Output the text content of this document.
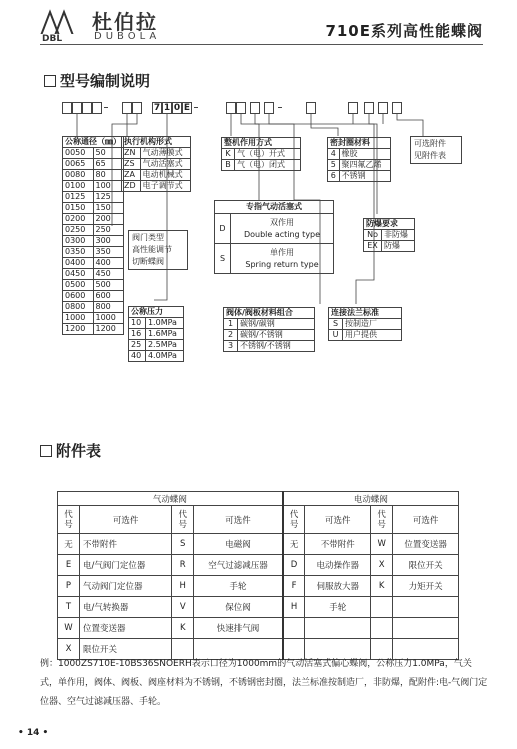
DBL
杜伯拉
DUBOLA	710E系列高性能蝶阀
型号编制说明
7 1 0 E
公称通径（㎜）	
0050	50
0065	65
0080	80
0100	100
0125	125
0150	150
0200	200
0250	250
0300	300
0350	350
0400	400
0450	450
0500	500
0600	600
0800	800
1000	1000
1200	1200
执行机构形式	
ZN	气动薄膜式
ZS	气动活塞式
ZA	电动机械式
ZD	电子调节式
阀门类型
高性能调节
切断蝶阀
公称压力	
10	1.0MPa
16	1.6MPa
25	2.5MPa
40	4.0MPa
整机作用方式	
K	气（电）开式
B	气（电）闭式
专指气动活塞式	
D	双作用
Double acting type

S	单作用
Spring return type
密封圈材料	
4	橡胶
5	聚四氟乙烯
6	不锈钢
可选附件
见附件表
防爆要求	
No	非防爆
EX	防爆
阀体/阀板材料组合	
1	碳钢/碳钢
2	碳钢/不锈钢
3	不锈钢/不锈钢
连接法兰标准	
S	按制造厂
U	用户提供
附件表
气动蝶阀				电动蝶阀			
代号	可选件	代号	可选件	代号	可选件	代号	可选件
无	不带附件	S	电磁阀	无	不带附件	W	位置变送器
E	电/气阀门定位器	R	空气过滤减压器	D	电动操作器	X	限位开关
P	气动阀门定位器	H	手轮	F	伺服放大器	K	力矩开关
T	电/气转换器	V	保位阀	H	手轮		
W	位置变送器	K	快速排气阀				
X	限位开关						
例：1000ZS710E-10BS36SNOERH表示口径为1000mm的气动活塞式偏心蝶阀，公称压力1.0MPa，气关式，单作用，阀体、阀板、阀座材料为不锈钢，不锈钢密封圈，法兰标准按制造厂，非防爆，配附件:电-气阀门定位器、空气过滤减压器、手轮。
• 14 •
